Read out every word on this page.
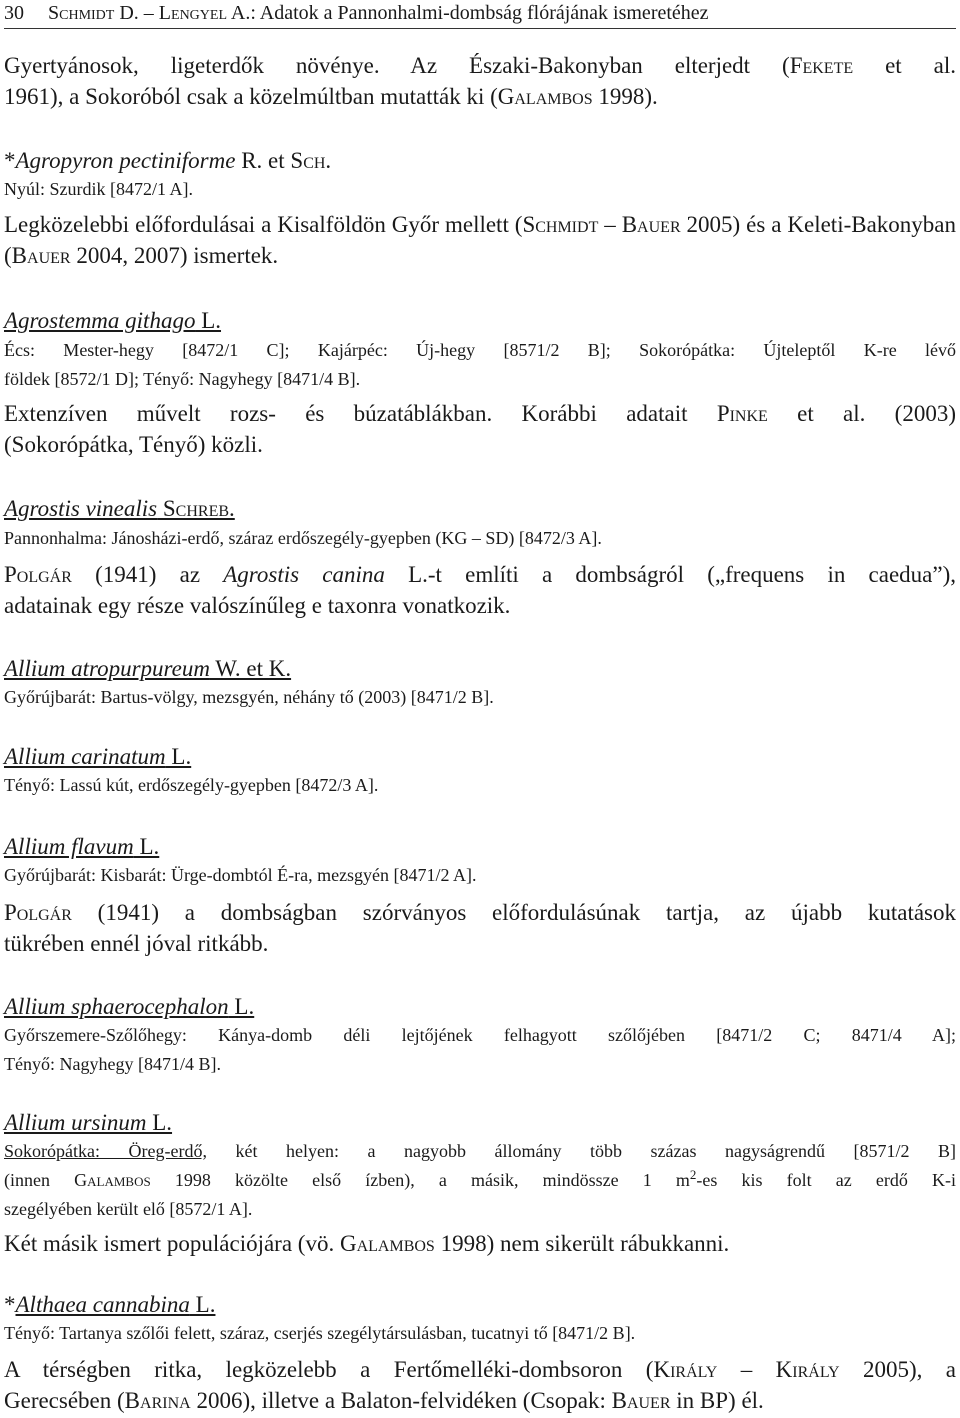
30 Schmidt D. – Lengyel A.: Adatok a Pannonhalmi-dombság flórájának ismeretéhez
Gyertyánosok, ligeterdők növénye. Az Északi-Bakonyban elterjedt (Fekete et al.
1961), a Sokoróból csak a közelmúltban mutatták ki (Galambos 1998).
*Agropyron pectiniforme R. et Sch.
Nyúl: Szurdik [8472/1 A].
Legközelebbi előfordulásai a Kisalföldön Győr mellett (Schmidt – Bauer 2005) és a Keleti-Bakonyban (Bauer 2004, 2007) ismertek.
Agrostemma githago L.
Écs: Mester-hegy [8472/1 C]; Kajárpéc: Új-hegy [8571/2 B]; Sokorópátka: Újteleptől K-re lévő
földek [8572/1 D]; Tényő: Nagyhegy [8471/4 B].
Extenzíven művelt rozs- és búzatáblákban. Korábbi adatait Pinke et al. (2003)
(Sokorópátka, Tényő) közli.
Agrostis vinealis Schreb.
Pannonhalma: Jánosházi-erdő, száraz erdőszegély-gyepben (KG – SD) [8472/3 A].
Polgár (1941) az Agrostis canina L.-t említi a dombságról („frequens in caedua”),
adatainak egy része valószínűleg e taxonra vonatkozik.
Allium atropurpureum W. et K.
Győrújbarát: Bartus-völgy, mezsgyén, néhány tő (2003) [8471/2 B].
Allium carinatum L.
Tényő: Lassú kút, erdőszegély-gyepben [8472/3 A].
Allium flavum L.
Győrújbarát: Kisbarát: Ürge-dombtól É-ra, mezsgyén [8471/2 A].
Polgár (1941) a dombságban szórványos előfordulásúnak tartja, az újabb kutatások
tükrében ennél jóval ritkább.
Allium sphaerocephalon L.
Győrszemere-Szőlőhegy: Kánya-domb déli lejtőjének felhagyott szőlőjében [8471/2 C; 8471/4 A];
Tényő: Nagyhegy [8471/4 B].
Allium ursinum L.
Sokorópátka: Öreg-erdő, két helyen: a nagyobb állomány több százas nagyságrendű [8571/2 B]
(innen Galambos 1998 közölte első ízben), a másik, mindössze 1 $m^2-es$ kis folt az erdő K-i
szegélyében került elő [8572/1 A].
Két másik ismert populációjára (vö. Galambos 1998) nem sikerült rábukkanni.
*Althaea cannabina L.
Tényő: Tartanya szőlői felett, száraz, cserjés szegélytársulásban, tucatnyi tő [8471/2 B].
A térségben ritka, legközelebb a Fertőmelléki-dombsoron (Király – Király 2005), a
Gerecsében (Barina 2006), illetve a Balaton-felvidéken (Csopak: Bauer in BP) él.
